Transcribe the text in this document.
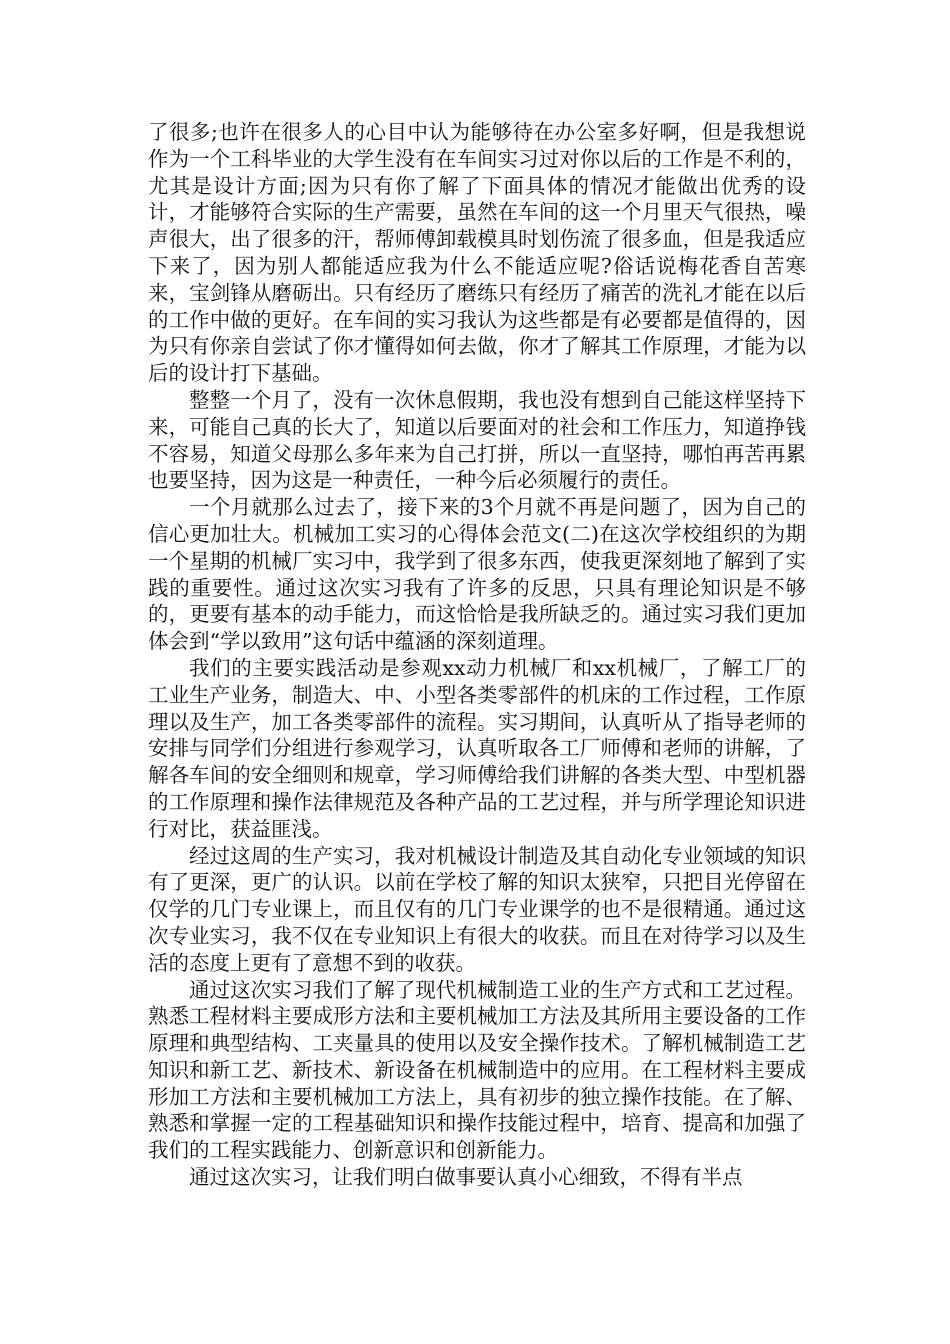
了很多;也许在很多人的心目中认为能够待在办公室多好啊，但是我想说作为一个工科毕业的大学生没有在车间实习过对你以后的工作是不利的，尤其是设计方面;因为只有你了解了下面具体的情况才能做出优秀的设计，才能够符合实际的生产需要，虽然在车间的这一个月里天气很热，噪声很大，出了很多的汗，帮师傅卸载模具时划伤流了很多血，但是我适应下来了，因为别人都能适应我为什么不能适应呢?俗话说梅花香自苦寒来，宝剑锋从磨砺出。只有经历了磨练只有经历了痛苦的洗礼才能在以后的工作中做的更好。在车间的实习我认为这些都是有必要都是值得的，因为只有你亲自尝试了你才懂得如何去做，你才了解其工作原理，才能为以后的设计打下基础。

整整一个月了，没有一次休息假期，我也没有想到自己能这样坚持下来，可能自己真的长大了，知道以后要面对的社会和工作压力，知道挣钱不容易，知道父母那么多年来为自己打拼，所以一直坚持，哪怕再苦再累也要坚持，因为这是一种责任，一种今后必须履行的责任。

一个月就那么过去了，接下来的3个月就不再是问题了，因为自己的信心更加壮大。机械加工实习的心得体会范文(二)在这次学校组织的为期一个星期的机械厂实习中，我学到了很多东西，使我更深刻地了解到了实践的重要性。通过这次实习我有了许多的反思，只具有理论知识是不够的，更要有基本的动手能力，而这恰恰是我所缺乏的。通过实习我们更加体会到“学以致用”这句话中蕴涵的深刻道理。

我们的主要实践活动是参观xx动力机械厂和xx机械厂，了解工厂的工业生产业务，制造大、中、小型各类零部件的机床的工作过程，工作原理以及生产，加工各类零部件的流程。实习期间，认真听从了指导老师的安排与同学们分组进行参观学习，认真听取各工厂师傅和老师的讲解，了解各车间的安全细则和规章，学习师傅给我们讲解的各类大型、中型机器的工作原理和操作法律规范及各种产品的工艺过程，并与所学理论知识进行对比，获益匪浅。

经过这周的生产实习，我对机械设计制造及其自动化专业领域的知识有了更深，更广的认识。以前在学校了解的知识太狭窄，只把目光停留在仅学的几门专业课上，而且仅有的几门专业课学的也不是很精通。通过这次专业实习，我不仅在专业知识上有很大的收获。而且在对待学习以及生活的态度上更有了意想不到的收获。

通过这次实习我们了解了现代机械制造工业的生产方式和工艺过程。熟悉工程材料主要成形方法和主要机械加工方法及其所用主要设备的工作原理和典型结构、工夹量具的使用以及安全操作技术。了解机械制造工艺知识和新工艺、新技术、新设备在机械制造中的应用。在工程材料主要成形加工方法和主要机械加工方法上，具有初步的独立操作技能。在了解、熟悉和掌握一定的工程基础知识和操作技能过程中，培育、提高和加强了我们的工程实践能力、创新意识和创新能力。

通过这次实习，让我们明白做事要认真小心细致，不得有半点
